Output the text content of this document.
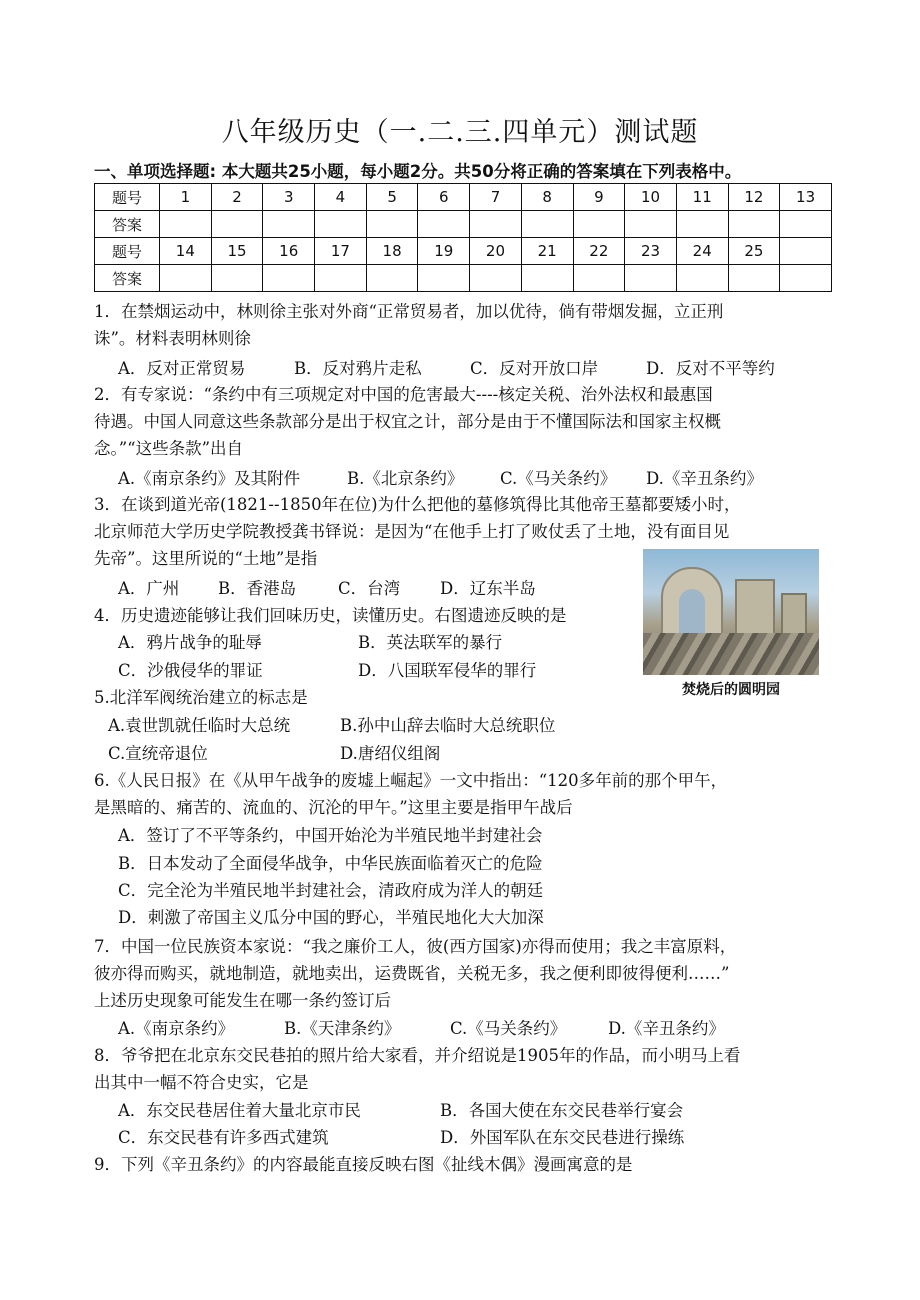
八年级历史（一.二.三.四单元）测试题
一、单项选择题: 本大题共25小题，每小题2分。共50分将正确的答案填在下列表格中。
题号	1	2	3	4	5	6	7	8	9	10	11	12	13
答案													
题号	14	15	16	17	18	19	20	21	22	23	24	25	
答案													
1．在禁烟运动中，林则徐主张对外商“正常贸易者，加以优待，倘有带烟发掘，立正刑
诛”。材料表明林则徐
A．反对正常贸易	B．反对鸦片走私	C．反对开放口岸	D．反对不平等约
2．有专家说：“条约中有三项规定对中国的危害最大----核定关税、治外法权和最惠国
待遇。中国人同意这些条款部分是出于权宜之计，部分是由于不懂国际法和国家主权概
念。”“这些条款”出自
A.《南京条约》及其附件	B.《北京条约》 C.《马关条约》 D.《辛丑条约》
3．在谈到道光帝(1821--1850年在位)为什么把他的墓修筑得比其他帝王墓都要矮小时，
北京师范大学历史学院教授龚书铎说：是因为“在他手上打了败仗丢了土地，没有面目见
先帝”。这里所说的“土地”是指
A．广州 B．香港岛	C．台湾 D．辽东半岛
4．历史遗迹能够让我们回味历史，读懂历史。右图遗迹反映的是
A．鸦片战争的耻辱	B．英法联军的暴行
C．沙俄侵华的罪证	D．八国联军侵华的罪行
焚烧后的圆明园
5.北洋军阀统治建立的标志是
A.袁世凯就任临时大总统	B.孙中山辞去临时大总统职位
C.宣统帝退位	D.唐绍仪组阁
6.《人民日报》在《从甲午战争的废墟上崛起》一文中指出：“120多年前的那个甲午，
是黑暗的、痛苦的、流血的、沉沦的甲午。”这里主要是指甲午战后
A．签订了不平等条约，中国开始沦为半殖民地半封建社会
B．日本发动了全面侵华战争，中华民族面临着灭亡的危险
C．完全沦为半殖民地半封建社会，清政府成为洋人的朝廷
D．刺激了帝国主义瓜分中国的野心，半殖民地化大大加深
7．中国一位民族资本家说：“我之廉价工人，彼(西方国家)亦得而使用；我之丰富原料，
彼亦得而购买，就地制造，就地卖出，运费既省，关税无多，我之便利即彼得便利……”
上述历史现象可能发生在哪一条约签订后
A.《南京条约》	B.《天津条约》	C.《马关条约》	D.《辛丑条约》
8．爷爷把在北京东交民巷拍的照片给大家看，并介绍说是1905年的作品，而小明马上看
出其中一幅不符合史实，它是
A．东交民巷居住着大量北京市民	B．各国大使在东交民巷举行宴会
C．东交民巷有许多西式建筑	D．外国军队在东交民巷进行操练
9．下列《辛丑条约》的内容最能直接反映右图《扯线木偶》漫画寓意的是
